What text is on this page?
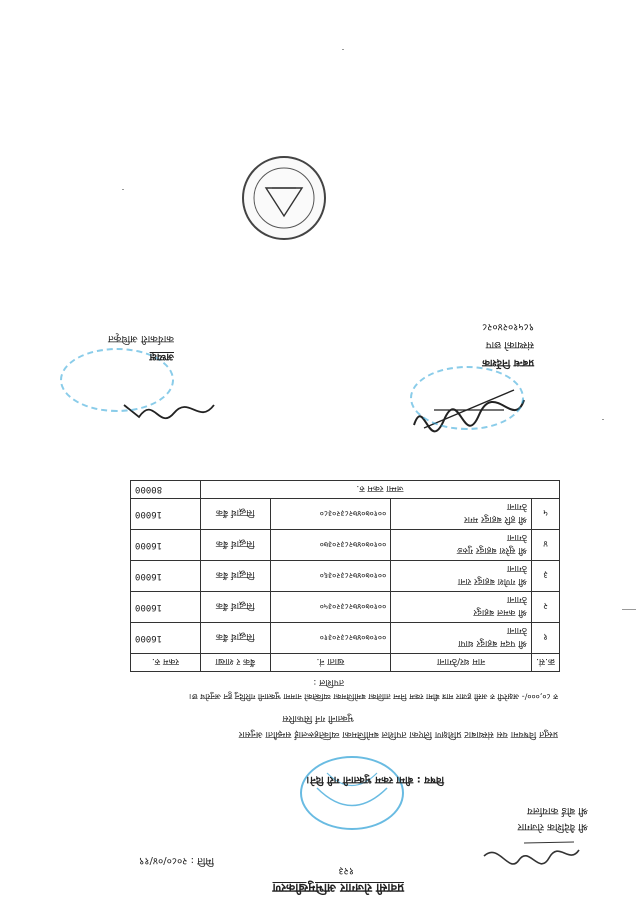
प्रवासी रोजगार अभिमुखीकरण
१२३
मिति : २०८०/०४/१९
श्री वैदेशिक रोजगार
श्री बोर्ड कार्यालय
विषय : बीमा रकम भुक्तानी गरी दिने।
प्रस्तुत विषयमा यस संस्थाबाट प्रशिक्षण लिएका तपशिल बमोजिमका व्यक्तिहरूलाई सम्झौता अनुसार
भुक्तानी गर्न सिफारिस
रु ८०,०००/- अक्षरेपी रु असी हजार मात्र बीमा रकम निम्न तालिका बमोजिमका व्यक्तिको नाममा भुक्तानी गरिदिनु हुन अनुरोध छ।
तपशिल :
क्र.सं.	नाम थर/ठेगाना	खाता नं.	बैंक र शाखा	रकम रु.
१	श्री पदम बहादुर थापा
ठेगाना	००१०७०४७२८३२०३१०	सिद्धार्थ बैंक	16000
२	श्री कमल बहादुर
ठेगाना	००१०७०४७२८३२०३५०	सिद्धार्थ बैंक	16000
३	श्री गणेश बहादुर राना
ठेगाना	००१०७०४७२८३२०३६०	सिद्धार्थ बैंक	16000
४	श्री सुरेश बहादुर गुरुङ
ठेगाना	००१०७०४७२८३२०३७०	सिद्धार्थ बैंक	16000
५	श्री हरि बहादुर मगर
ठेगाना	००१०७०४७२८३२०३८०	सिद्धार्थ बैंक	16000
जम्मा रकम रु.				80000
प्रबन्ध निर्देशक
संस्थाको छाप
९८५१०२४०२८
अध्यक्ष
कार्यकारी अधिकृत
